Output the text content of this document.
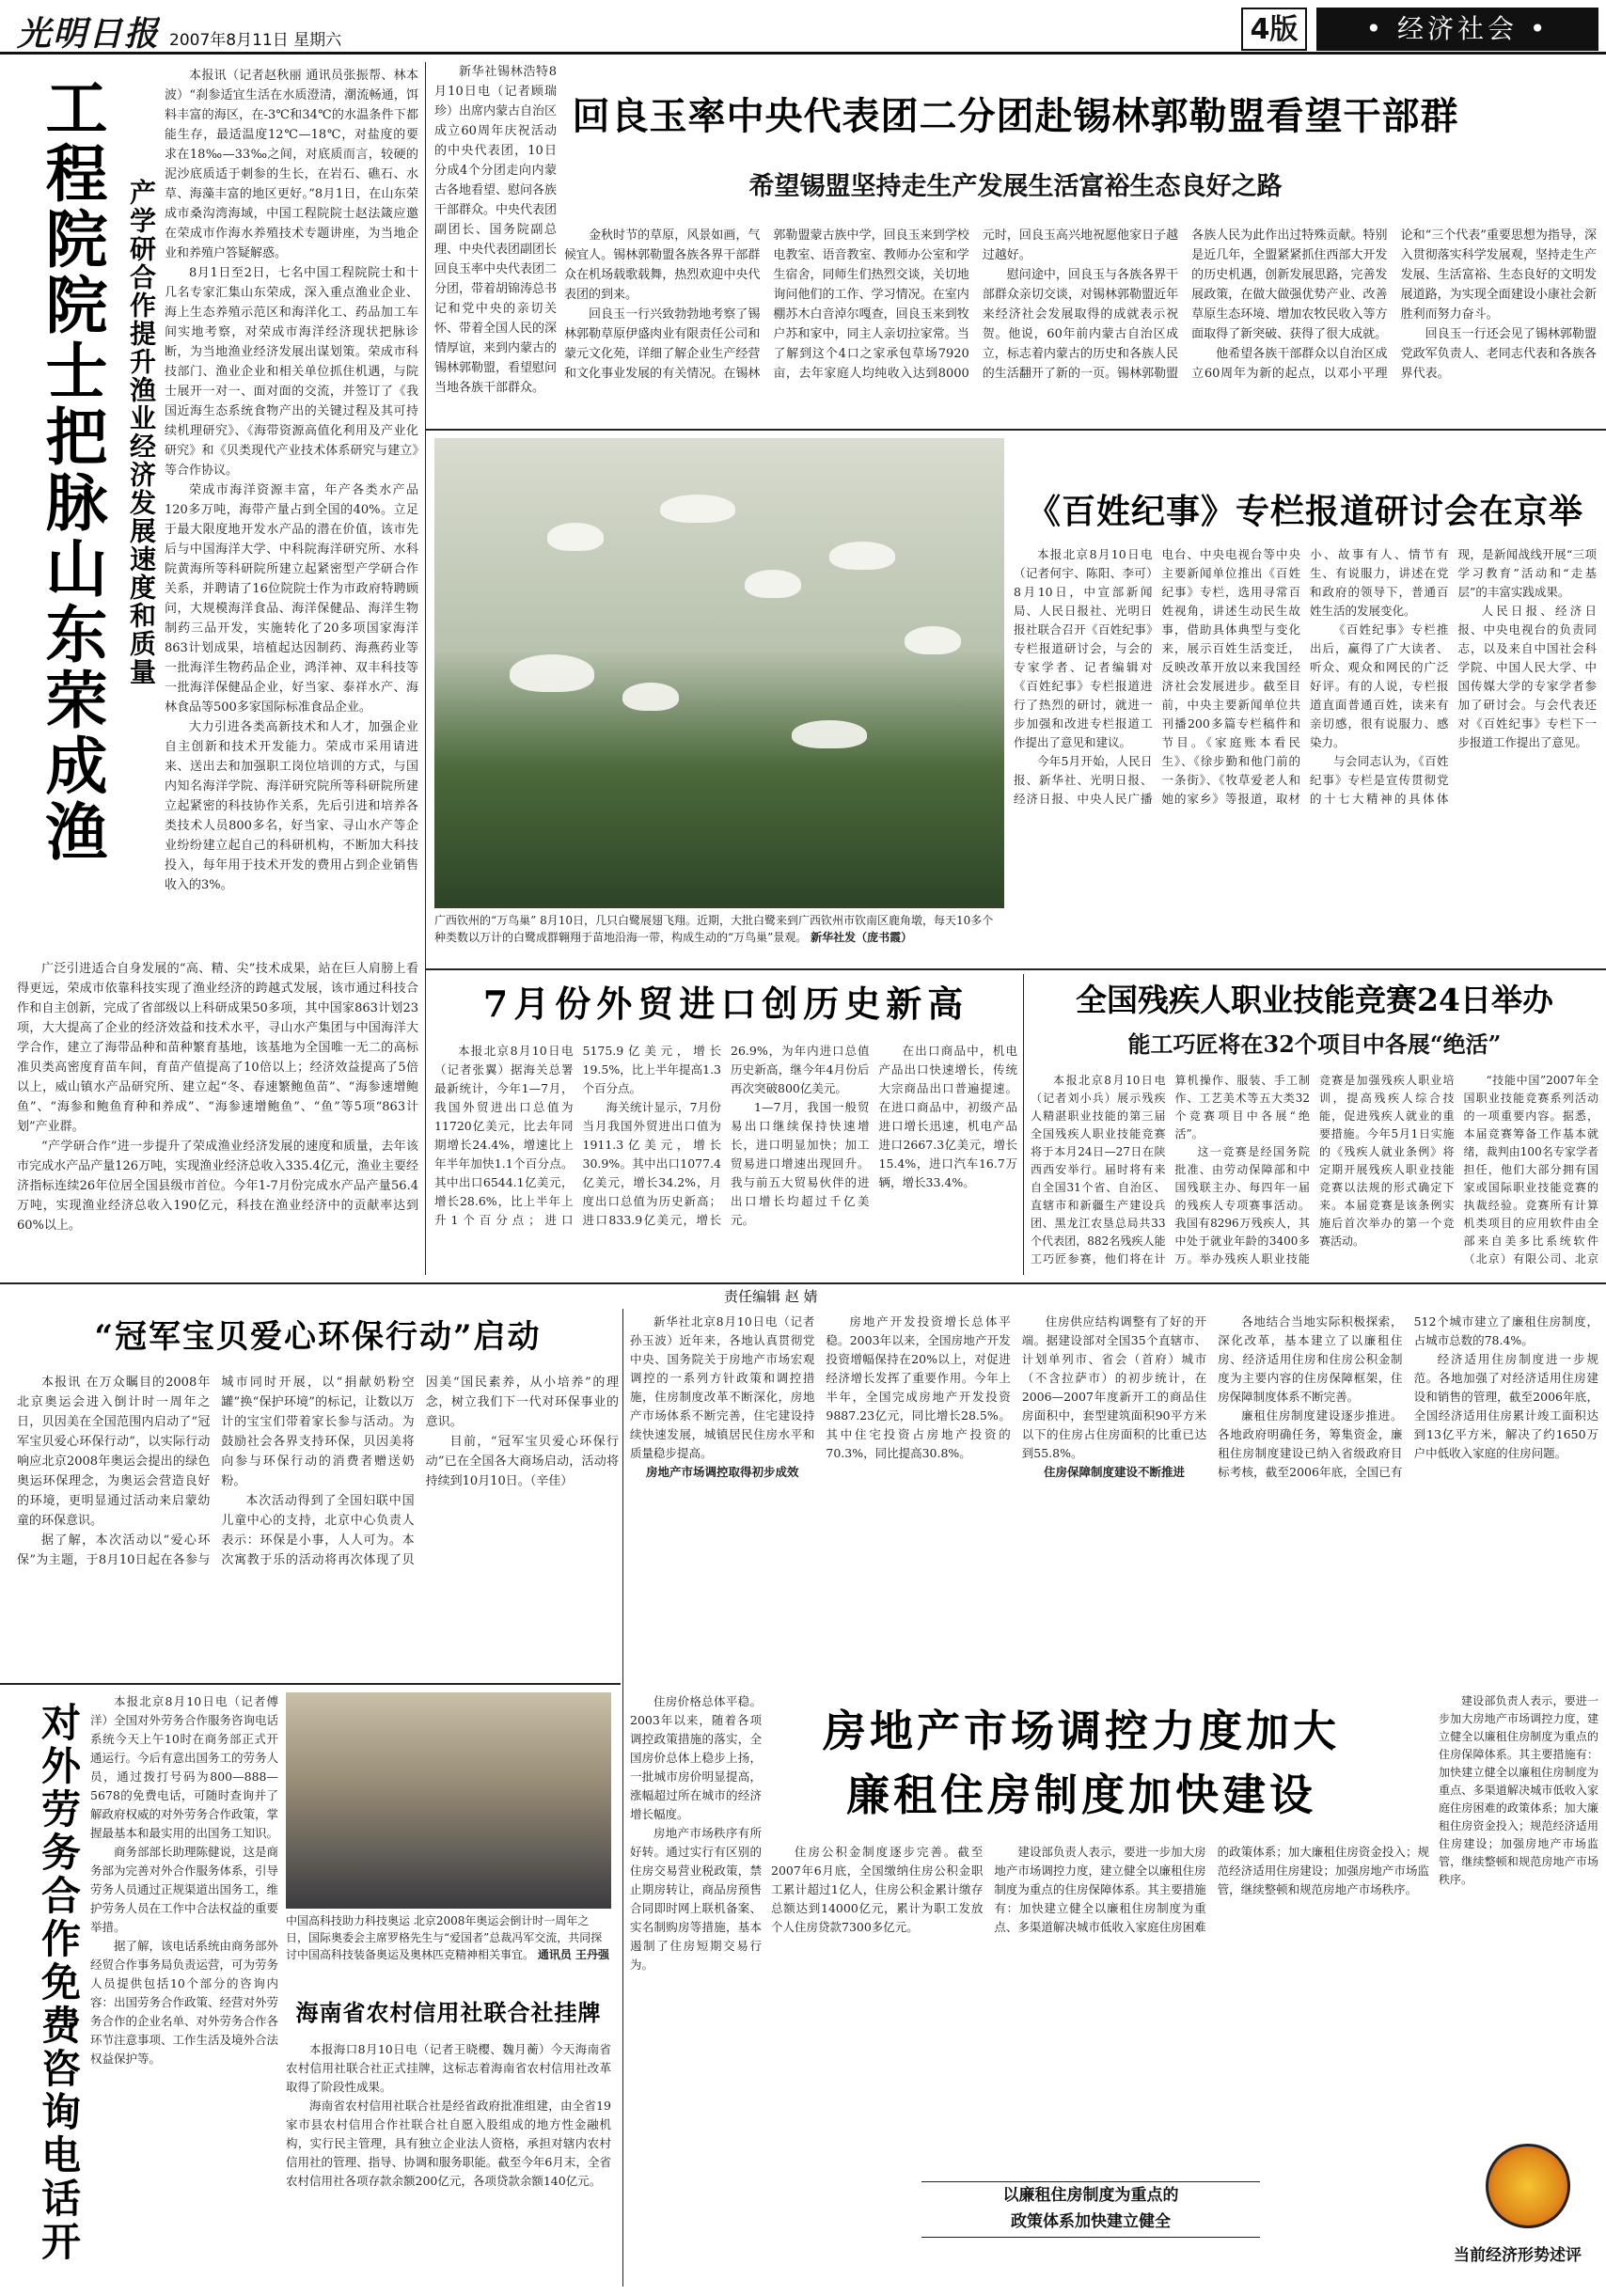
光明日报 2007年8月11日 星期六	4版	• 经济社会 •
工程院院士把脉山东荣成渔
产学研合作提升渔业经济发展速度和质量

本报讯（记者赵秋丽 通讯员张振帮、林本波）“刹参适宜生活在水质澄清，潮流畅通，饵料丰富的海区，在-3℃和34℃的水温条件下都能生存，最适温度12℃—18℃，对盐度的要求在18‰—33‰之间，对底质而言，较硬的泥沙底质适于刺参的生长，在岩石、礁石、水草、海藻丰富的地区更好。”8月1日，在山东荣成市桑沟湾海域，中国工程院院士赵法箴应邀在荣成市作海水养殖技术专题讲座，为当地企业和养殖户答疑解惑。

8月1日至2日，七名中国工程院院士和十几名专家汇集山东荣成，深入重点渔业企业、海上生态养殖示范区和海洋化工、药品加工车间实地考察，对荣成市海洋经济现状把脉诊断，为当地渔业经济发展出谋划策。荣成市科技部门、渔业企业和相关单位抓住机遇，与院士展开一对一、面对面的交流，并签订了《我国近海生态系统食物产出的关键过程及其可持续机理研究》、《海带资源高值化利用及产业化研究》和《贝类现代产业技术体系研究与建立》等合作协议。

荣成市海洋资源丰富，年产各类水产品120多万吨，海带产量占到全国的40%。立足于最大限度地开发水产品的潜在价值，该市先后与中国海洋大学、中科院海洋研究所、水科院黄海所等科研院所建立起紧密型产学研合作关系，并聘请了16位院院士作为市政府特聘顾问，大规模海洋食品、海洋保健品、海洋生物制药三品开发，实施转化了20多项国家海洋863计划成果，培植起达因制药、海燕药业等一批海洋生物药品企业，鸿洋神、双丰科技等一批海洋保健品企业，好当家、泰祥水产、海林食品等500多家国际标准食品企业。

大力引进各类高新技术和人才，加强企业自主创新和技术开发能力。荣成市采用请进来、送出去和加强职工岗位培训的方式，与国内知名海洋学院、海洋研究院所等科研院所建立起紧密的科技协作关系，先后引进和培养各类技术人员800多名，好当家、寻山水产等企业纷纷建立起自己的科研机构，不断加大科技投入，每年用于技术开发的费用占到企业销售收入的3%。

广泛引进适合自身发展的“高、精、尖”技术成果，站在巨人肩膀上看得更远，荣成市依靠科技实现了渔业经济的跨越式发展，该市通过科技合作和自主创新，完成了省部级以上科研成果50多项，其中国家863计划23项，大大提高了企业的经济效益和技术水平，寻山水产集团与中国海洋大学合作，建立了海带品种和苗种繁育基地，该基地为全国唯一无二的高标准贝类高密度育苗车间，育苗产值提高了10倍以上；经济效益提高了5倍以上，威山镇水产品研究所、建立起“冬、春速繁鲍鱼苗”、“海参速增鲍鱼”、“海参和鲍鱼育种和养成”、“海参速增鲍鱼”、“鱼”等5项“863计划”产业群。

“产学研合作”进一步提升了荣成渔业经济发展的速度和质量，去年该市完成水产品产量126万吨，实现渔业经济总收入335.4亿元，渔业主要经济指标连续26年位居全国县级市首位。今年1-7月份完成水产品产量56.4万吨，实现渔业经济总收入190亿元，科技在渔业经济中的贡献率达到60%以上。

新华社锡林浩特8月10日电（记者顾瑞珍）出席内蒙古自治区成立60周年庆祝活动的中央代表团，10日分成4个分团走向内蒙古各地看望、慰问各族干部群众。中央代表团副团长、国务院副总理、中央代表团副团长回良玉率中央代表团二分团，带着胡锦涛总书记和党中央的亲切关怀、带着全国人民的深情厚谊，来到内蒙古的锡林郭勒盟，看望慰问当地各族干部群众。

回良玉率中央代表团二分团赴锡林郭勒盟看望干部群
希望锡盟坚持走生产发展生活富裕生态良好之路

金秋时节的草原，风景如画，气候宜人。锡林郭勒盟各族各界干部群众在机场载歌载舞，热烈欢迎中央代表团的到来。

回良玉一行兴致勃勃地考察了锡林郭勒草原伊盛肉业有限责任公司和蒙元文化苑，详细了解企业生产经营和文化事业发展的有关情况。在锡林郭勒盟蒙古族中学，回良玉来到学校电教室、语音教室、教师办公室和学生宿舍，同师生们热烈交谈，关切地询问他们的工作、学习情况。在室内棚苏木白音淖尔嘎查，回良玉来到牧户苏和家中，同主人亲切拉家常。当了解到这个4口之家承包草场7920亩，去年家庭人均纯收入达到8000元时，回良玉高兴地祝愿他家日子越过越好。

慰问途中，回良玉与各族各界干部群众亲切交谈，对锡林郭勒盟近年来经济社会发展取得的成就表示祝贺。他说，60年前内蒙古自治区成立，标志着内蒙古的历史和各族人民的生活翻开了新的一页。锡林郭勒盟各族人民为此作出过特殊贡献。特别是近几年，全盟紧紧抓住西部大开发的历史机遇，创新发展思路，完善发展政策，在做大做强优势产业、改善草原生态环境、增加农牧民收入等方面取得了新突破、获得了很大成就。

他希望各族干部群众以自治区成立60周年为新的起点，以邓小平理论和“三个代表”重要思想为指导，深入贯彻落实科学发展观，坚持走生产发展、生活富裕、生态良好的文明发展道路，为实现全面建设小康社会新胜利而努力奋斗。

回良玉一行还会见了锡林郭勒盟党政军负责人、老同志代表和各族各界代表。

广西钦州的“万鸟巢” 8月10日，几只白鹭展翅飞翔。近期，大批白鹭来到广西钦州市钦南区鹿角墩，每天10多个种类数以万计的白鹭成群翱翔于苗地沿海一带，构成生动的“万鸟巢”景观。 新华社发（庞书霞）
《百姓纪事》专栏报道研讨会在京举

本报北京8月10日电（记者何宇、陈阳、李可）8月10日，中宣部新闻局、人民日报社、光明日报社联合召开《百姓纪事》专栏报道研讨会，与会的专家学者、记者编辑对《百姓纪事》专栏报道进行了热烈的研讨，就进一步加强和改进专栏报道工作提出了意见和建议。

今年5月开始，人民日报、新华社、光明日报、经济日报、中央人民广播电台、中央电视台等中央主要新闻单位推出《百姓纪事》专栏，选用寻常百姓视角，讲述生动民生故事，借助具体典型与变化来，展示百姓生活变迁，反映改革开放以来我国经济社会发展进步。截至目前，中央主要新闻单位共刊播200多篇专栏稿件和节目。《家庭账本看民生》、《徐步勤和他门前的一条街》、《牧草爱老人和她的家乡》等报道，取材小、故事有人、情节有生、有说服力，讲述在党和政府的领导下，普通百姓生活的发展变化。

《百姓纪事》专栏推出后，赢得了广大读者、听众、观众和网民的广泛好评。有的人说，专栏报道直面普通百姓，读来有亲切感，很有说服力、感染力。

与会同志认为，《百姓纪事》专栏是宣传贯彻党的十七大精神的具体体现，是新闻战线开展“三项学习教育”活动和“走基层”的丰富实践成果。

人民日报、经济日报、中央电视台的负责同志，以及来自中国社会科学院、中国人民大学、中国传媒大学的专家学者参加了研讨会。与会代表还对《百姓纪事》专栏下一步报道工作提出了意见。

7月份外贸进口创历史新高

本报北京8月10日电（记者张翼）据海关总署最新统计，今年1—7月，我国外贸进出口总值为11720亿美元，比去年同期增长24.4%，增速比上年半年加快1.1个百分点。其中出口6544.1亿美元，增长28.6%，比上半年上升1个百分点；进口5175.9亿美元，增长19.5%，比上半年提高1.3个百分点。

海关统计显示，7月份当月我国外贸进出口值为1911.3亿美元，增长30.9%。其中出口1077.4亿美元，增长34.2%，月度出口总值为历史新高；进口833.9亿美元，增长26.9%，为年内进口总值历史新高，继今年4月份后再次突破800亿美元。

1—7月，我国一般贸易出口继续保持快速增长，进口明显加快；加工贸易进口增速出现回升。我与前五大贸易伙伴的进出口增长均超过千亿美元。

在出口商品中，机电产品出口快速增长，传统大宗商品出口普遍提速。在进口商品中，初级产品进口增长迅速，机电产品进口2667.3亿美元，增长15.4%，进口汽车16.7万辆，增长33.4%。

全国残疾人职业技能竞赛24日举办
能工巧匠将在32个项目中各展“绝活”

本报北京8月10日电（记者刘小兵）展示残疾人精湛职业技能的第三届全国残疾人职业技能竞赛将于本月24日—27日在陕西西安举行。届时将有来自全国31个省、自治区、直辖市和新疆生产建设兵团、黑龙江农垦总局共33个代表团，882名残疾人能工巧匠参赛，他们将在计算机操作、服装、手工制作、工艺美术等五大类32个竞赛项目中各展“绝活”。

这一竞赛是经国务院批准、由劳动保障部和中国残联主办、每四年一届的残疾人专项赛事活动。我国有8296万残疾人，其中处于就业年龄的3400多万。举办残疾人职业技能竞赛是加强残疾人职业培训，提高残疾人综合技能，促进残疾人就业的重要措施。今年5月1日实施的《残疾人就业条例》将定期开展残疾人职业技能竞赛以法规的形式确定下来。本届竞赛是该条例实施后首次举办的第一个竞赛活动。

“技能中国”2007年全国职业技能竞赛系列活动的一项重要内容。据悉，本届竞赛筹备工作基本就绪，裁判由100名专家学者担任，他们大部分拥有国家或国际职业技能竞赛的执裁经验。竞赛所有计算机类项目的应用软件由全部来自美多比系统软件（北京）有限公司、北京

责任编辑 赵 婧
“冠军宝贝爱心环保行动”启动

本报讯 在万众瞩目的2008年北京奥运会进入倒计时一周年之日，贝因美在全国范围内启动了“冠军宝贝爱心环保行动”，以实际行动响应北京2008年奥运会提出的绿色奥运环保理念，为奥运会营造良好的环境，更明显通过活动来启蒙幼童的环保意识。

据了解，本次活动以“爱心环保”为主题，于8月10日起在各参与城市同时开展，以“捐献奶粉空罐”换“保护环境”的标记，让数以万计的宝宝们带着家长参与活动。为鼓励社会各界支持环保，贝因美将向参与环保行动的消费者赠送奶粉。

本次活动得到了全国妇联中国儿童中心的支持，北京中心负责人表示：环保是小事，人人可为。本次寓教于乐的活动将再次体现了贝因美“国民素养，从小培养”的理念，树立我们下一代对环保事业的意识。

目前，“冠军宝贝爱心环保行动”已在全国各大商场启动，活动将持续到10月10日。（辛佳）

新华社北京8月10日电（记者孙玉波）近年来，各地认真贯彻党中央、国务院关于房地产市场宏观调控的一系列方针政策和调控措施，住房制度改革不断深化，房地产市场体系不断完善，住宅建设持续快速发展，城镇居民住房水平和质量稳步提高。

房地产市场调控取得初步成效

房地产开发投资增长总体平稳。2003年以来，全国房地产开发投资增幅保持在20%以上，对促进经济增长发挥了重要作用。今年上半年，全国完成房地产开发投资9887.23亿元，同比增长28.5%。其中住宅投资占房地产投资的70.3%，同比提高30.8%。

住房供应结构调整有了好的开端。据建设部对全国35个直辖市、计划单列市、省会（首府）城市（不含拉萨市）的初步统计，在2006—2007年度新开工的商品住房面积中，套型建筑面积90平方米以下的住房占住房面积的比重已达到55.8%。

住房保障制度建设不断推进

各地结合当地实际积极探索，深化改革，基本建立了以廉租住房、经济适用住房和住房公积金制度为主要内容的住房保障框架，住房保障制度体系不断完善。

廉租住房制度建设逐步推进。各地政府明确任务，筹集资金，廉租住房制度建设已纳入省级政府目标考核，截至2006年底，全国已有512个城市建立了廉租住房制度，占城市总数的78.4%。

经济适用住房制度进一步规范。各地加强了对经济适用住房建设和销售的管理，截至2006年底，全国经济适用住房累计竣工面积达到13亿平方米，解决了约1650万户中低收入家庭的住房问题。

房地产市场调控力度加大
廉租住房制度加快建设

住房价格总体平稳。2003年以来，随着各项调控政策措施的落实，全国房价总体上稳步上扬，一批城市房价明显提高，涨幅超过所在城市的经济增长幅度。

房地产市场秩序有所好转。通过实行有区别的住房交易营业税政策，禁止期房转让，商品房预售合同即时网上联机备案、实名制购房等措施，基本遏制了住房短期交易行为。

住房公积金制度逐步完善。截至2007年6月底，全国缴纳住房公积金职工累计超过1亿人，住房公积金累计缴存总额达到14000亿元，累计为职工发放个人住房贷款7300多亿元。

建设部负责人表示，要进一步加大房地产市场调控力度，建立健全以廉租住房制度为重点的住房保障体系。其主要措施有：加快建立健全以廉租住房制度为重点、多渠道解决城市低收入家庭住房困难的政策体系；加大廉租住房资金投入；规范经济适用住房建设；加强房地产市场监管，继续整顿和规范房地产市场秩序。

以廉租住房制度为重点的
政策体系加快建立健全

建设部负责人表示，要进一步加大房地产市场调控力度，建立健全以廉租住房制度为重点的住房保障体系。其主要措施有：加快建立健全以廉租住房制度为重点、多渠道解决城市低收入家庭住房困难的政策体系；加大廉租住房资金投入；规范经济适用住房建设；加强房地产市场监管，继续整顿和规范房地产市场秩序。

当前经济形势述评
对外劳务合作免费咨询电话开

本报北京8月10日电（记者傅洋）全国对外劳务合作服务咨询电话系统今天上午10时在商务部正式开通运行。今后有意出国务工的劳务人员，通过拨打号码为800—888—5678的免费电话，可随时查询并了解政府权威的对外劳务合作政策，掌握最基本和最实用的出国务工知识。

商务部部长助理陈健说，这是商务部为完善对外合作服务体系，引导劳务人员通过正规渠道出国务工，维护劳务人员在工作中合法权益的重要举措。

据了解，该电话系统由商务部外经贸合作事务局负责运营，可为劳务人员提供包括10个部分的咨询内容：出国劳务合作政策、经营对外劳务合作的企业名单、对外劳务合作各环节注意事项、工作生活及境外合法权益保护等。

中国高科技助力科技奥运 北京2008年奥运会倒计时一周年之日，国际奥委会主席罗格先生与“爱国者”总裁冯军交流，共同探讨中国高科技装备奥运及奥林匹克精神相关事宜。 通讯员 王丹强
海南省农村信用社联合社挂牌

本报海口8月10日电（记者王晓樱、魏月蘅）今天海南省农村信用社联合社正式挂牌，这标志着海南省农村信用社改革取得了阶段性成果。

海南省农村信用社联合社是经省政府批准组建，由全省19家市县农村信用合作社联合社自愿入股组成的地方性金融机构，实行民主管理，具有独立企业法人资格，承担对辖内农村信用社的管理、指导、协调和服务职能。截至今年6月末，全省农村信用社各项存款余额200亿元，各项贷款余额140亿元。
